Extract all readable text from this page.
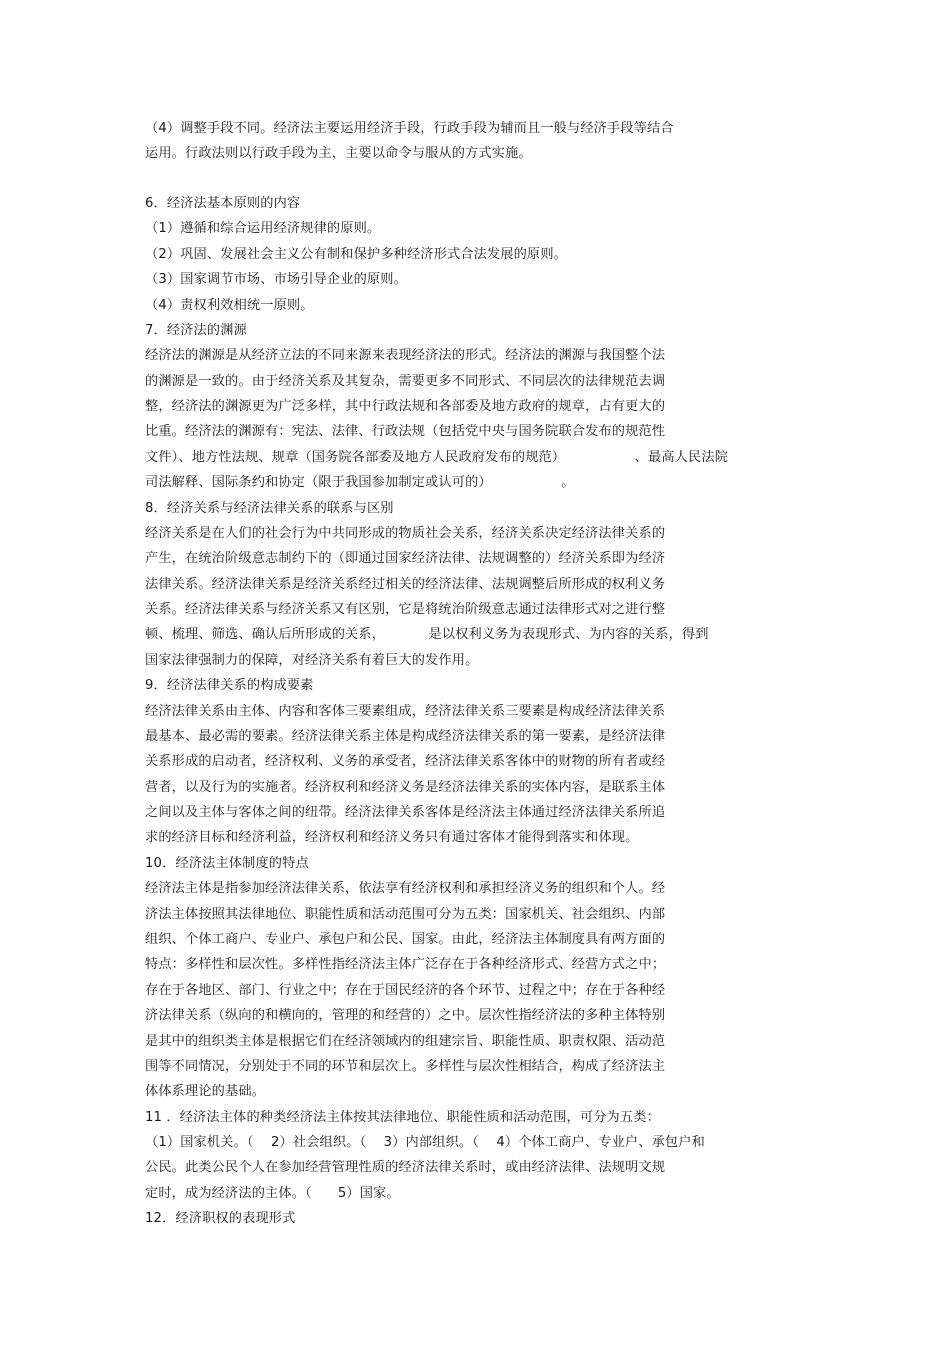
（4）调整手段不同。经济法主要运用经济手段，行政手段为辅而且一般与经济手段等结合
运用。行政法则以行政手段为主，主要以命令与服从的方式实施。
6．经济法基本原则的内容
（1）遵循和综合运用经济规律的原则。
（2）巩固、发展社会主义公有制和保护多种经济形式合法发展的原则。
（3）国家调节市场、市场引导企业的原则。
（4）责权利效相统一原则。
7．经济法的渊源
经济法的渊源是从经济立法的不同来源来表现经济法的形式。经济法的渊源与我国整个法
的渊源是一致的。由于经济关系及其复杂，需要更多不同形式、不同层次的法律规范去调
整，经济法的渊源更为广泛多样，其中行政法规和各部委及地方政府的规章，占有更大的
比重。经济法的渊源有：宪法、法律、行政法规（包括党中央与国务院联合发布的规范性
文件）、地方性法规、规章（国务院各部委及地方人民政府发布的规范）                、最高人民法院
司法解释、国际条约和协定（限于我国参加制定或认可的）                。
8．经济关系与经济法律关系的联系与区别
经济关系是在人们的社会行为中共同形成的物质社会关系，经济关系决定经济法律关系的
产生，在统治阶级意志制约下的（即通过国家经济法律、法规调整的）经济关系即为经济
法律关系。经济法律关系是经济关系经过相关的经济法律、法规调整后所形成的权利义务
关系。经济法律关系与经济关系又有区别，它是将统治阶级意志通过法律形式对之进行整
顿、梳理、筛选、确认后所形成的关系，          是以权利义务为表现形式、为内容的关系，得到
国家法律强制力的保障，对经济关系有着巨大的发作用。
9．经济法律关系的构成要素
经济法律关系由主体、内容和客体三要素组成，经济法律关系三要素是构成经济法律关系
最基本、最必需的要素。经济法律关系主体是构成经济法律关系的第一要素，是经济法律
关系形成的启动者，经济权利、义务的承受者，经济法律关系客体中的财物的所有者或经
营者，以及行为的实施者。经济权利和经济义务是经济法律关系的实体内容，是联系主体
之间以及主体与客体之间的纽带。经济法律关系客体是经济法主体通过经济法律关系所追
求的经济目标和经济利益，经济权利和经济义务只有通过客体才能得到落实和体现。
10．经济法主体制度的特点
经济法主体是指参加经济法律关系，依法享有经济权利和承担经济义务的组织和个人。经
济法主体按照其法律地位、职能性质和活动范围可分为五类：国家机关、社会组织、内部
组织、个体工商户、专业户、承包户和公民、国家。由此，经济法主体制度具有两方面的
特点：多样性和层次性。多样性指经济法主体广泛存在于各种经济形式、经营方式之中；
存在于各地区、部门、行业之中；存在于国民经济的各个环节、过程之中；存在于各种经
济法律关系（纵向的和横向的，管理的和经营的）之中。层次性指经济法的多种主体特别
是其中的组织类主体是根据它们在经济领域内的组建宗旨、职能性质、职责权限、活动范
围等不同情况，分别处于不同的环节和层次上。多样性与层次性相结合，构成了经济法主
体体系理论的基础。
11 ．经济法主体的种类经济法主体按其法律地位、职能性质和活动范围，可分为五类：
（1）国家机关。（    2）社会组织。（    3）内部组织。（    4）个体工商户、专业户、承包户和
公民。此类公民个人在参加经营管理性质的经济法律关系时，或由经济法律、法规明文规
定时，成为经济法的主体。（      5）国家。
12．经济职权的表现形式
